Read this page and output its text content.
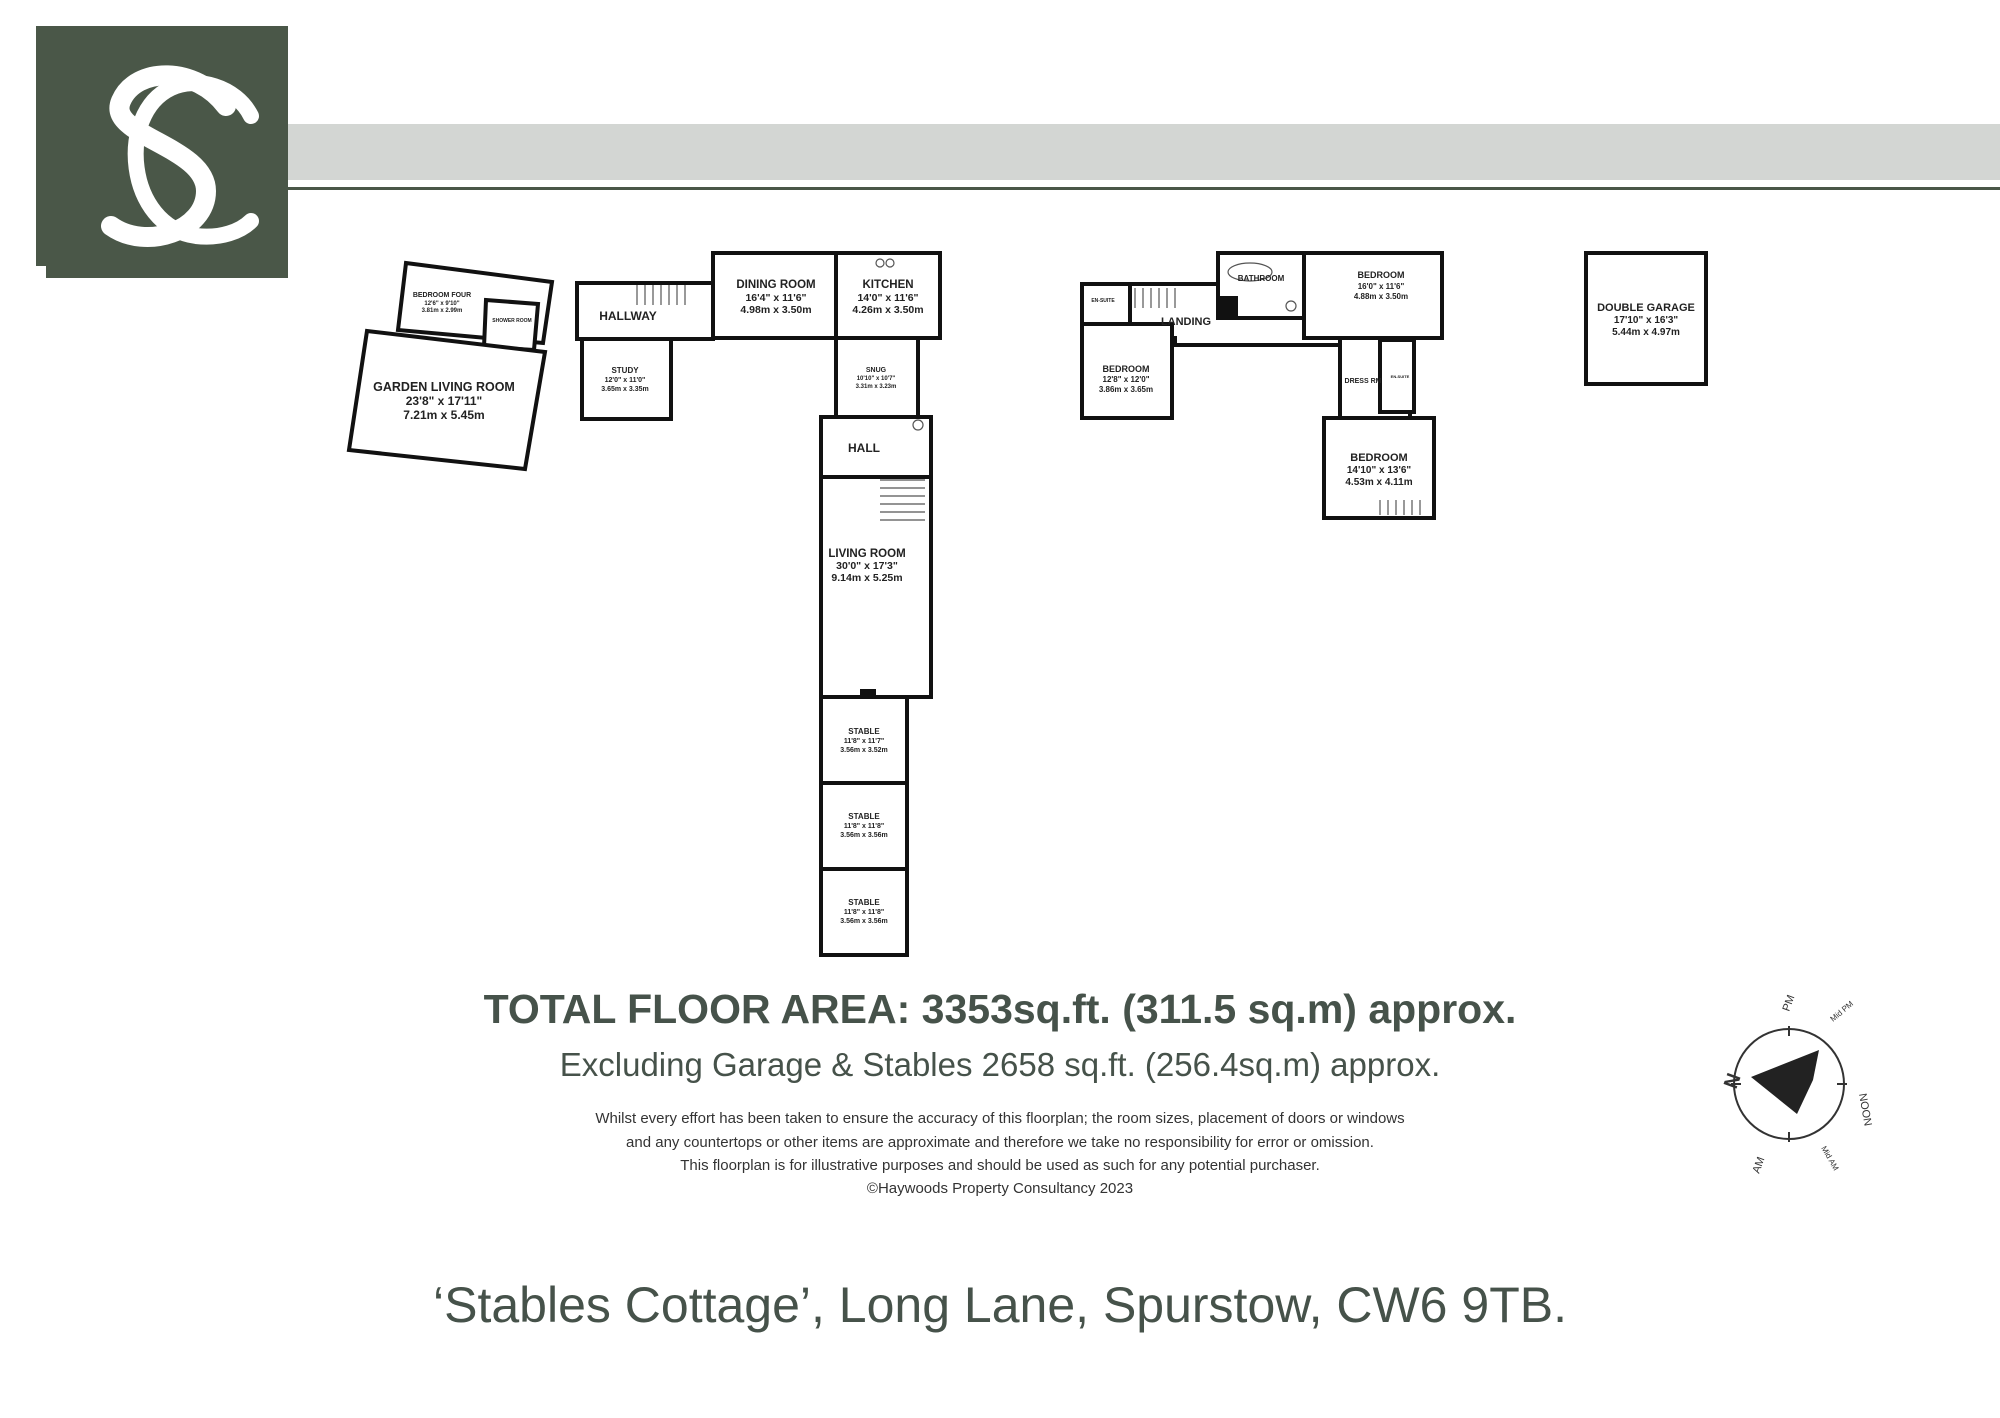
BEDROOM FOUR
12'6" x 9'10"
3.81m x 2.99m
SHOWER ROOM
GARDEN LIVING ROOM
23'8" x 17'11"
7.21m x 5.45m
HALLWAY
STUDY
12'0" x 11'0"
3.65m x 3.35m
DINING ROOM
16'4" x 11'6"
4.98m x 3.50m
KITCHEN
14'0" x 11'6"
4.26m x 3.50m
SNUG
10'10" x 10'7"
3.31m x 3.23m
HALL
LIVING ROOM
30'0" x 17'3"
9.14m x 5.25m
STABLE
11'8" x 11'7"
3.56m x 3.52m
STABLE
11'8" x 11'8"
3.56m x 3.56m
STABLE
11'8" x 11'8"
3.56m x 3.56m
EN-SUITE
LANDING
BATHROOM	BEDROOM
16'0" x 11'6"
4.88m x 3.50m
BEDROOM
12'8" x 12'0"
3.86m x 3.65m
DRESS RM
EN-SUITE
BEDROOM
14'10" x 13'6"
4.53m x 4.11m
DOUBLE GARAGE
17'10" x 16'3"
5.44m x 4.97m
N
PM	Mid PM
NOON
Mid AM
AM
TOTAL FLOOR AREA: 3353sq.ft. (311.5 sq.m) approx.
Excluding Garage & Stables 2658 sq.ft. (256.4sq.m) approx.
Whilst every effort has been taken to ensure the accuracy of this floorplan; the room sizes, placement of doors or windows
and any countertops or other items are approximate and therefore we take no responsibility for error or omission.
This floorplan is for illustrative purposes and should be used as such for any potential purchaser.
©Haywoods Property Consultancy 2023
‘Stables Cottage’, Long Lane, Spurstow, CW6 9TB.
